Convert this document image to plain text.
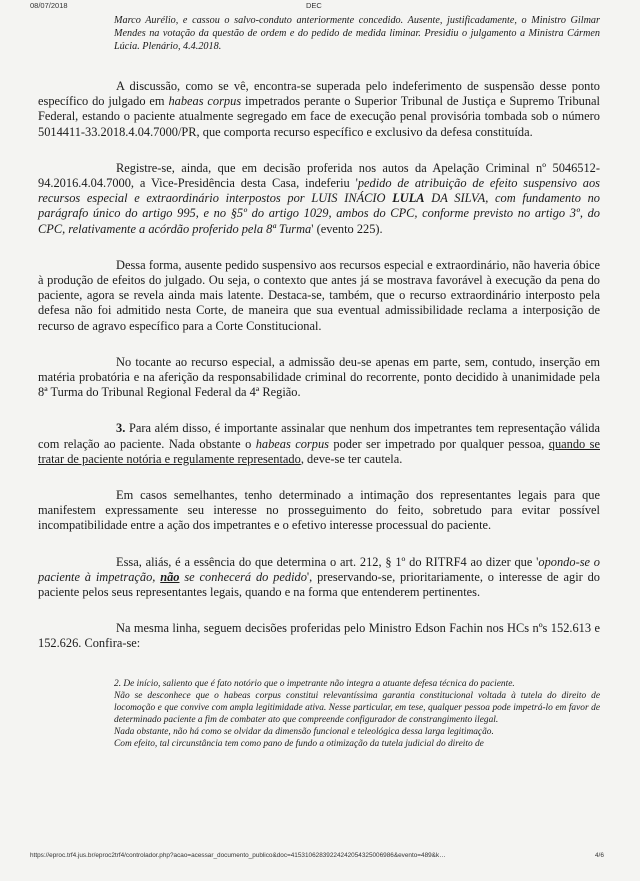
08/07/2018	DEC
Marco Aurélio, e cassou o salvo-conduto anteriormente concedido. Ausente, justificadamente, o Ministro Gilmar Mendes na votação da questão de ordem e do pedido de medida liminar. Presidiu o julgamento a Ministra Cármen Lúcia. Plenário, 4.4.2018.

A discussão, como se vê, encontra-se superada pelo indeferimento de suspensão desse ponto específico do julgado em habeas corpus impetrados perante o Superior Tribunal de Justiça e Supremo Tribunal Federal, estando o paciente atualmente segregado em face de execução penal provisória tombada sob o número 5014411-33.2018.4.04.7000/PR, que comporta recurso específico e exclusivo da defesa constituída.

Registre-se, ainda, que em decisão proferida nos autos da Apelação Criminal nº 5046512-94.2016.4.04.7000, a Vice-Presidência desta Casa, indeferiu 'pedido de atribuição de efeito suspensivo aos recursos especial e extraordinário interpostos por LUIS INÁCIO LULA DA SILVA, com fundamento no parágrafo único do artigo 995, e no §5º do artigo 1029, ambos do CPC, conforme previsto no artigo 3º, do CPC, relativamente a acórdão proferido pela 8ª Turma' (evento 225).

Dessa forma, ausente pedido suspensivo aos recursos especial e extraordinário, não haveria óbice à produção de efeitos do julgado. Ou seja, o contexto que antes já se mostrava favorável à execução da pena do paciente, agora se revela ainda mais latente. Destaca-se, também, que o recurso extraordinário interposto pela defesa não foi admitido nesta Corte, de maneira que sua eventual admissibilidade reclama a interposição de recurso de agravo específico para a Corte Constitucional.

No tocante ao recurso especial, a admissão deu-se apenas em parte, sem, contudo, inserção em matéria probatória e na aferição da responsabilidade criminal do recorrente, ponto decidido à unanimidade pela 8ª Turma do Tribunal Regional Federal da 4ª Região.

3. Para além disso, é importante assinalar que nenhum dos impetrantes tem representação válida com relação ao paciente. Nada obstante o habeas corpus poder ser impetrado por qualquer pessoa, quando se tratar de paciente notória e regulamente representado, deve-se ter cautela.

Em casos semelhantes, tenho determinado a intimação dos representantes legais para que manifestem expressamente seu interesse no prosseguimento do feito, sobretudo para evitar possível incompatibilidade entre a ação dos impetrantes e o efetivo interesse processual do paciente.

Essa, aliás, é a essência do que determina o art. 212, § 1º do RITRF4 ao dizer que 'opondo-se o paciente à impetração, não se conhecerá do pedido', preservando-se, prioritariamente, o interesse de agir do paciente pelos seus representantes legais, quando e na forma que entenderem pertinentes.

Na mesma linha, seguem decisões proferidas pelo Ministro Edson Fachin nos HCs nºs 152.613 e 152.626. Confira-se:

2. De início, saliento que é fato notório que o impetrante não integra a atuante defesa técnica do paciente.

Não se desconhece que o habeas corpus constitui relevantíssima garantia constitucional voltada à tutela do direito de locomoção e que convive com ampla legitimidade ativa. Nesse particular, em tese, qualquer pessoa pode impetrá-lo em favor de determinado paciente a fim de combater ato que compreende configurador de constrangimento ilegal.

Nada obstante, não há como se olvidar da dimensão funcional e teleológica dessa larga legitimação.

Com efeito, tal circunstância tem como pano de fundo a otimização da tutela judicial do direito de

https://eproc.trf4.jus.br/eproc2trf4/controlador.php?acao=acessar_documento_publico&doc=41531062839224242054325006986&evento=489&k…	4/6
